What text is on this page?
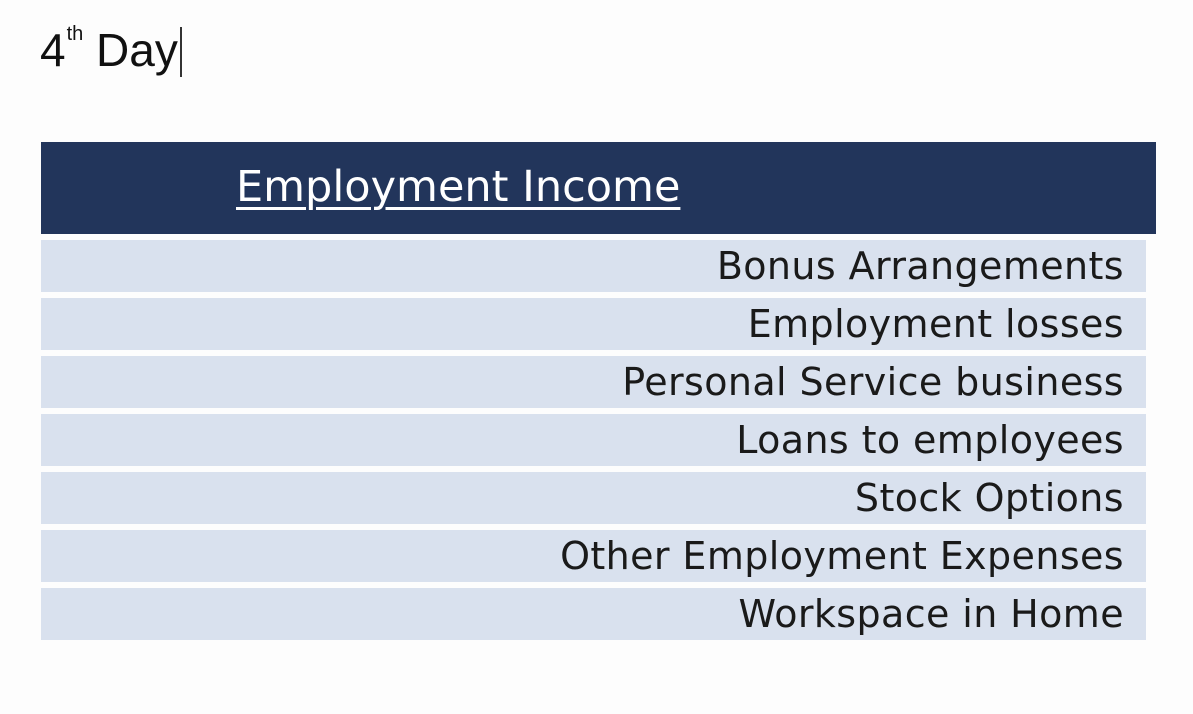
4th Day
Employment Income
Bonus Arrangements
Employment losses
Personal Service business
Loans to employees
Stock Options
Other Employment Expenses
Workspace in Home
